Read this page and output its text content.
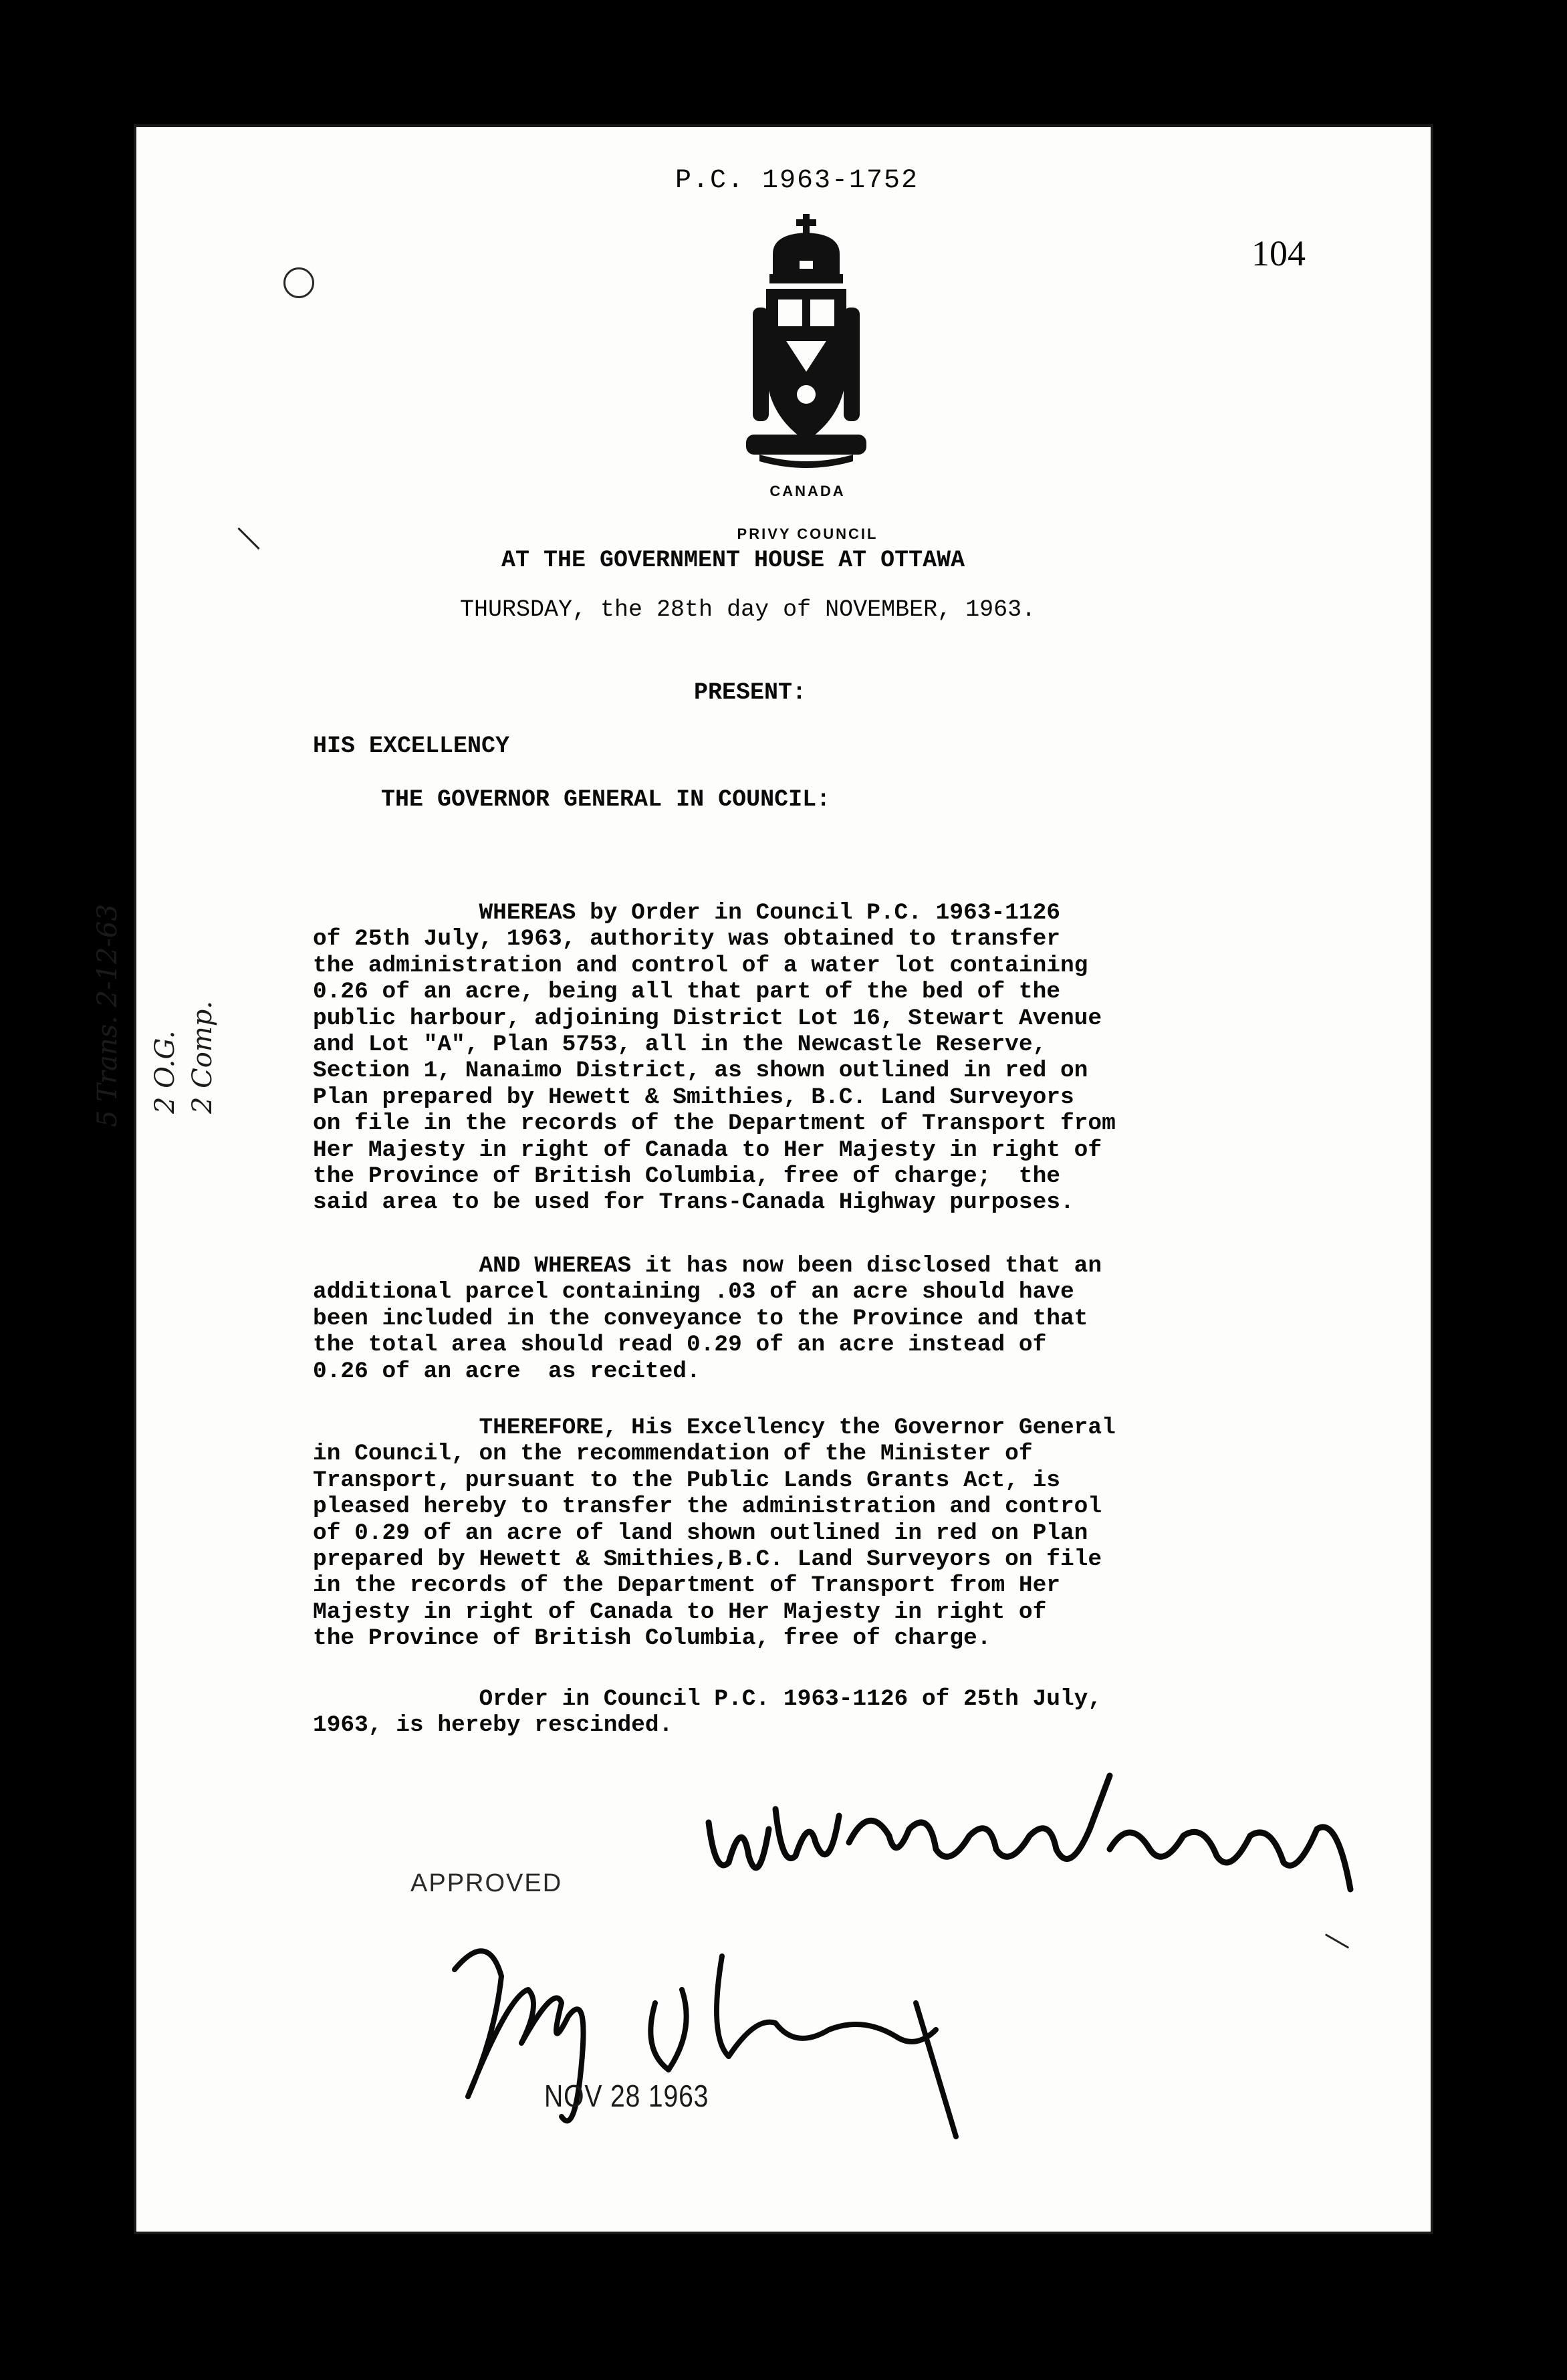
P.C. 1963-1752
104
CANADA
PRIVY COUNCIL
AT THE GOVERNMENT HOUSE AT OTTAWA
THURSDAY, the 28th day of NOVEMBER, 1963.
PRESENT:
HIS EXCELLENCY
THE GOVERNOR GENERAL IN COUNCIL:
WHEREAS by Order in Council P.C. 1963-1126
of 25th July, 1963, authority was obtained to transfer
the administration and control of a water lot containing
0.26 of an acre, being all that part of the bed of the
public harbour, adjoining District Lot 16, Stewart Avenue
and Lot "A", Plan 5753, all in the Newcastle Reserve,
Section 1, Nanaimo District, as shown outlined in red on
Plan prepared by Hewett & Smithies, B.C. Land Surveyors
on file in the records of the Department of Transport from
Her Majesty in right of Canada to Her Majesty in right of
the Province of British Columbia, free of charge;  the
said area to be used for Trans-Canada Highway purposes.
AND WHEREAS it has now been disclosed that an
additional parcel containing .03 of an acre should have
been included in the conveyance to the Province and that
the total area should read 0.29 of an acre instead of
0.26 of an acre  as recited.
THEREFORE, His Excellency the Governor General
in Council, on the recommendation of the Minister of
Transport, pursuant to the Public Lands Grants Act, is
pleased hereby to transfer the administration and control
of 0.29 of an acre of land shown outlined in red on Plan
prepared by Hewett & Smithies,B.C. Land Surveyors on file
in the records of the Department of Transport from Her
Majesty in right of Canada to Her Majesty in right of
the Province of British Columbia, free of charge.
Order in Council P.C. 1963-1126 of 25th July,
1963, is hereby rescinded.
5 Trans. 2-12-63 2 O.G. 2 Comp.
APPROVED
NOV 28 1963
